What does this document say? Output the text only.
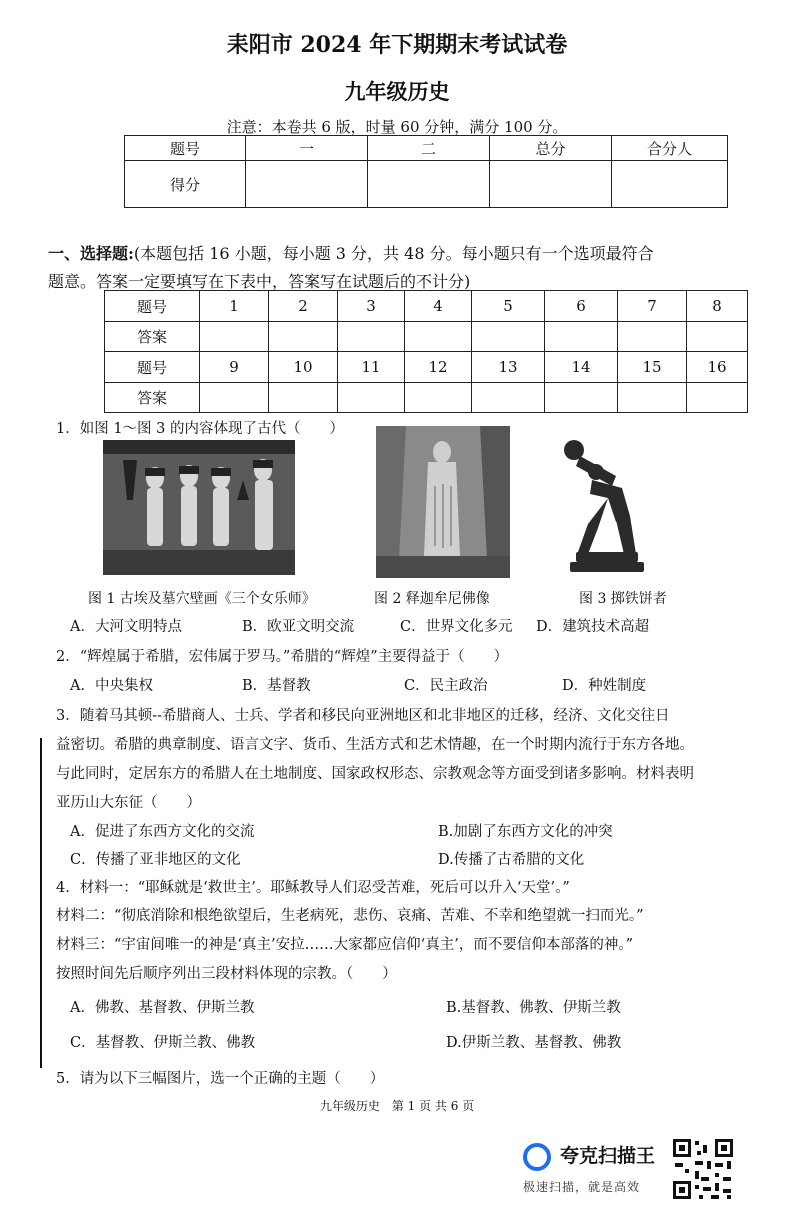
耒阳市 2024 年下期期末考试试卷
九年级历史
注意：本卷共 6 版，时量 60 分钟，满分 100 分。
题号	一	二	总分	合分人
得分				
一、选择题:(本题包括 16 小题，每小题 3 分，共 48 分。每小题只有一个选项最符合
题意。答案一定要填写在下表中，答案写在试题后的不计分)
题号	1	2	3	4	5	6	7	8
答案								
题号	9	10	11	12	13	14	15	16
答案								
1．如图 1～图 3 的内容体现了古代（　　）
图 1 古埃及墓穴壁画《三个女乐师》	图 2 释迦牟尼佛像	图 3 掷铁饼者
A．大河文明特点	B．欧亚文明交流	C．世界文化多元 D．建筑技术高超
2．“辉煌属于希腊，宏伟属于罗马。”希腊的“辉煌”主要得益于（　　）
A．中央集权	B．基督教	C．民主政治	D．种姓制度
3．随着马其顿--希腊商人、士兵、学者和移民向亚洲地区和北非地区的迁移，经济、文化交往日
益密切。希腊的典章制度、语言文字、货币、生活方式和艺术情趣，在一个时期内流行于东方各地。
与此同时，定居东方的希腊人在土地制度、国家政权形态、宗教观念等方面受到诸多影响。材料表明
亚历山大东征（　　）
A．促进了东西方文化的交流	B.加剧了东西方文化的冲突
C．传播了亚非地区的文化	D.传播了古希腊的文化
4．材料一：“耶稣就是‘救世主’。耶稣教导人们忍受苦难，死后可以升入‘天堂’。”
材料二：“彻底消除和根绝欲望后，生老病死，悲伤、哀痛、苦难、不幸和绝望就一扫而光。”
材料三：“宇宙间唯一的神是‘真主’安拉……大家都应信仰‘真主’，而不要信仰本部落的神。”
按照时间先后顺序列出三段材料体现的宗教。（　　）
A．佛教、基督教、伊斯兰教	B.基督教、佛教、伊斯兰教
C．基督教、伊斯兰教、佛教	D.伊斯兰教、基督教、佛教
5．请为以下三幅图片，选一个正确的主题（　　）
九年级历史　第 1 页 共 6 页
夸克扫描王
极速扫描，就是高效
